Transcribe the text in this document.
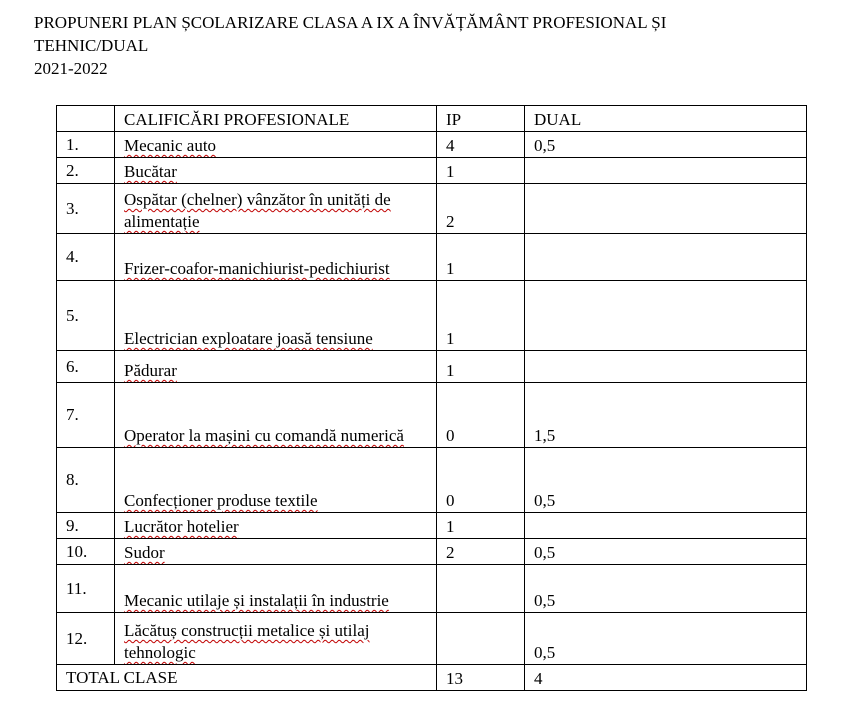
PROPUNERI PLAN ȘCOLARIZARE CLASA A IX A ÎNVĂȚĂMÂNT PROFESIONAL ȘI
TEHNIC/DUAL
2021-2022
	CALIFICĂRI PROFESIONALE	IP	DUAL
1.	Mecanic auto	4	0,5
2.	Bucătar	1	
3.	Ospătar (chelner) vânzător în unități de alimentație	2	
4.	Frizer-coafor-manichiurist-pedichiurist	1	
5.	Electrician exploatare joasă tensiune	1	
6.	Pădurar	1	
7.	Operator la mașini cu comandă numerică	0	1,5
8.	Confecționer produse textile	0	0,5
9.	Lucrător hotelier	1	
10.	Sudor	2	0,5
11.	Mecanic utilaje și instalații în industrie		0,5
12.	Lăcătuș construcții metalice și utilaj tehnologic		0,5
TOTAL CLASE		13	4
